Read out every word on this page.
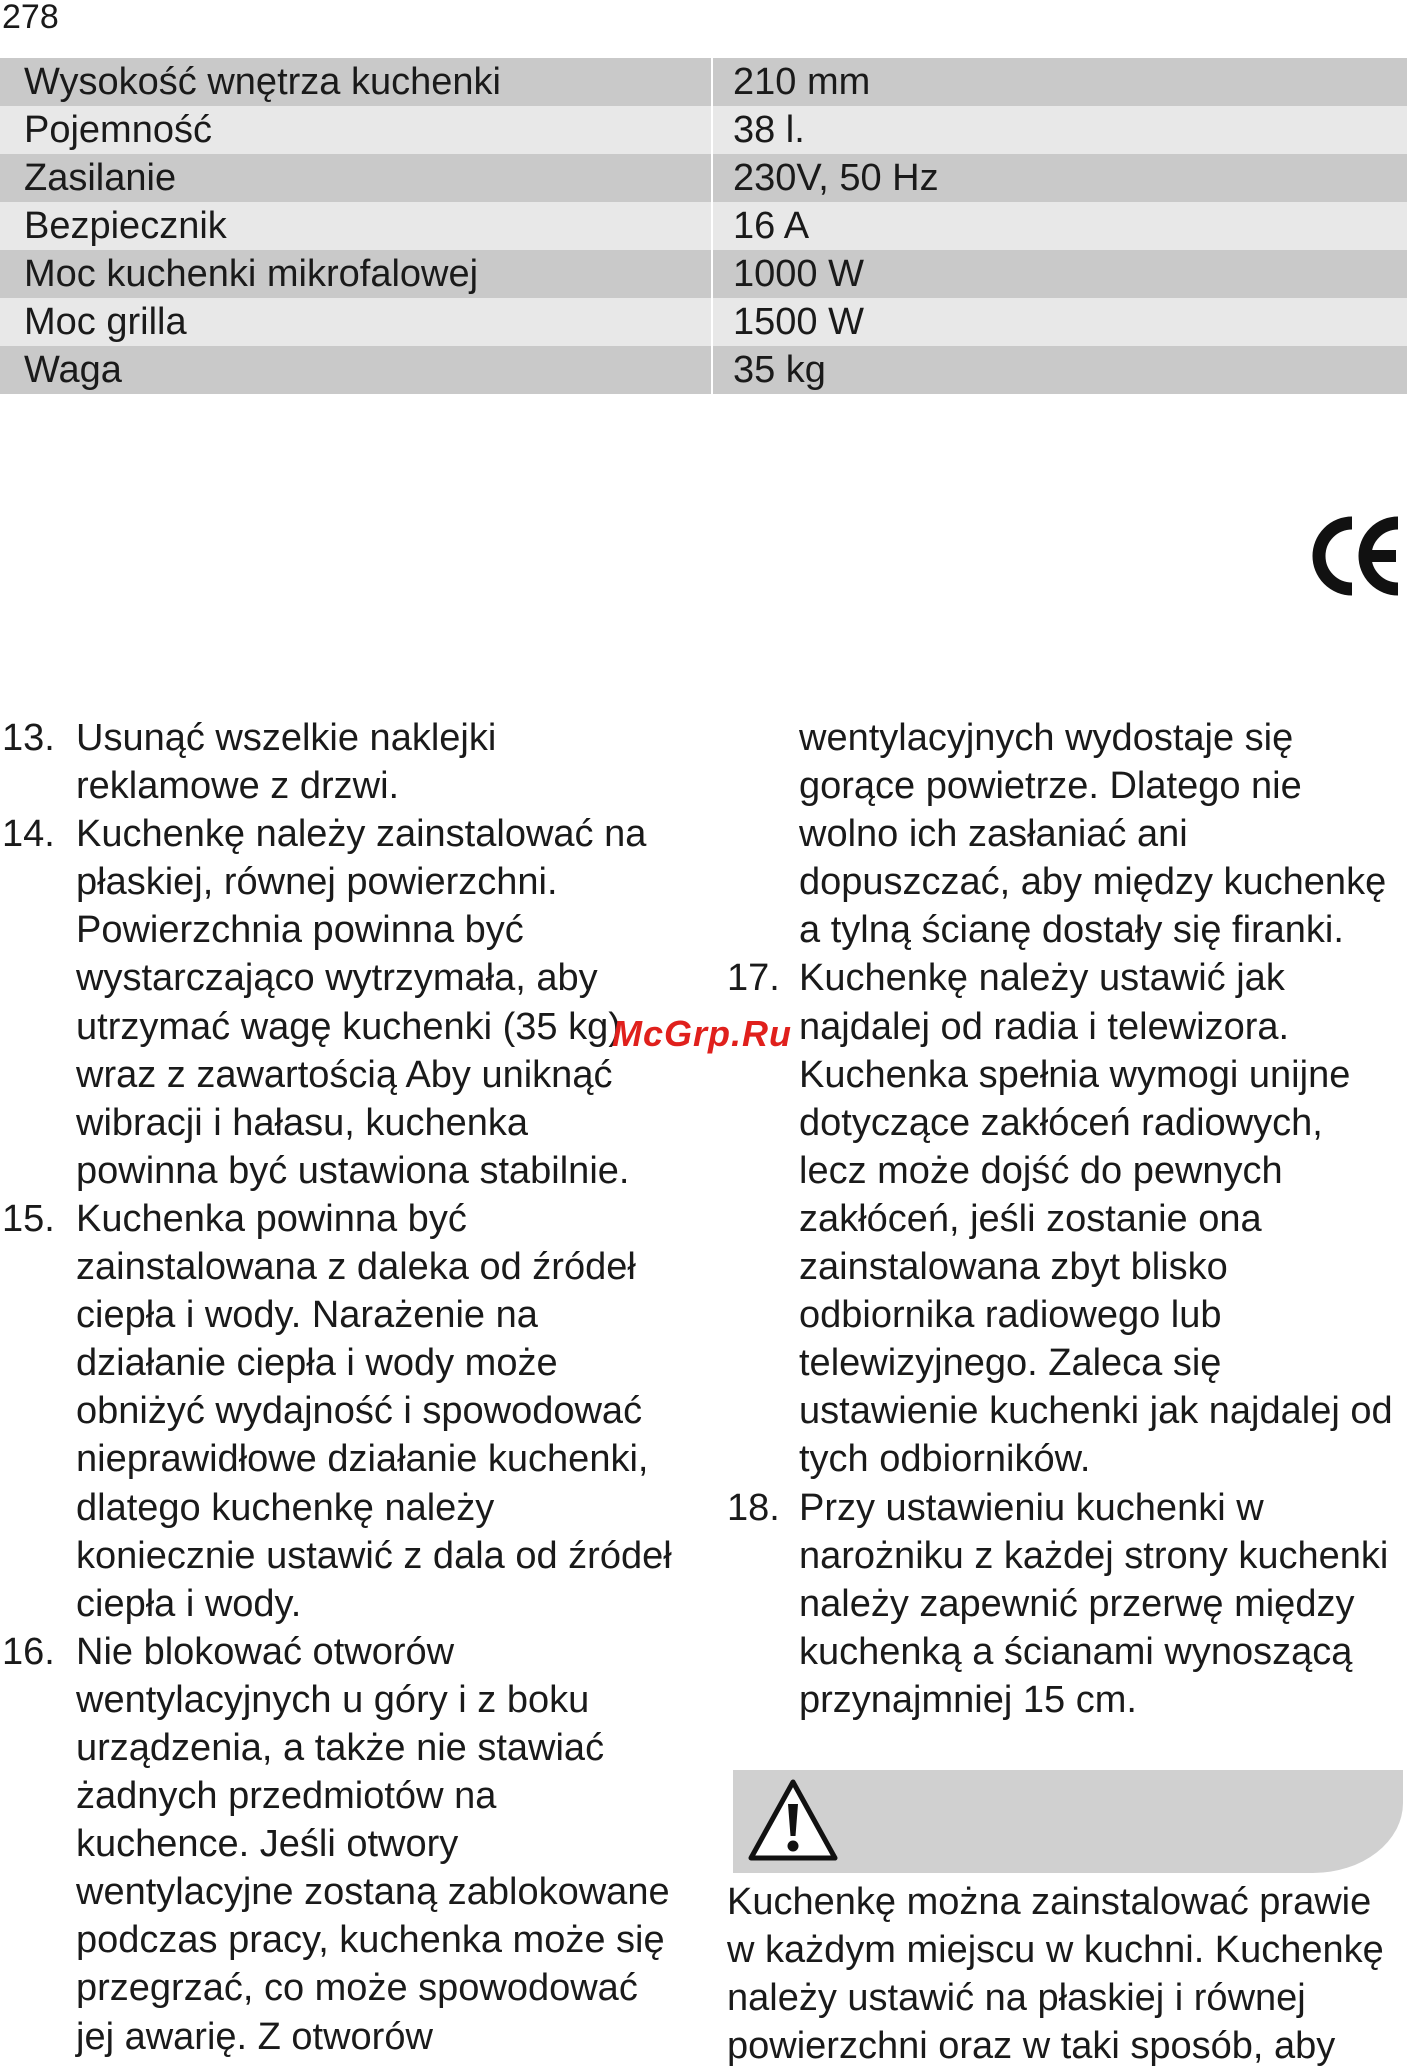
278
Wysokość wnętrza kuchenki	210 mm
Pojemność	38 l.
Zasilanie	230V, 50 Hz
Bezpiecznik	16 A
Moc kuchenki mikrofalowej	1000 W
Moc grilla	1500 W
Waga	35 kg
13. Usunąć wszelkie naklejki
reklamowe z drzwi.
14. Kuchenkę należy zainstalować na
płaskiej, równej powierzchni.
Powierzchnia powinna być
wystarczająco wytrzymała, aby
utrzymać wagę kuchenki (35 kg)
wraz z zawartością Aby uniknąć
wibracji i hałasu, kuchenka
powinna być ustawiona stabilnie.
15. Kuchenka powinna być
zainstalowana z daleka od źródeł
ciepła i wody. Narażenie na
działanie ciepła i wody może
obniżyć wydajność i spowodować
nieprawidłowe działanie kuchenki,
dlatego kuchenkę należy
koniecznie ustawić z dala od źródeł
ciepła i wody.
16. Nie blokować otworów
wentylacyjnych u góry i z boku
urządzenia, a także nie stawiać
żadnych przedmiotów na
kuchence. Jeśli otwory
wentylacyjne zostaną zablokowane
podczas pracy, kuchenka może się
przegrzać, co może spowodować
jej awarię. Z otworów
wentylacyjnych wydostaje się
gorące powietrze. Dlatego nie
wolno ich zasłaniać ani
dopuszczać, aby między kuchenkę
a tylną ścianę dostały się firanki.
17. Kuchenkę należy ustawić jak
najdalej od radia i telewizora.
Kuchenka spełnia wymogi unijne
dotyczące zakłóceń radiowych,
lecz może dojść do pewnych
zakłóceń, jeśli zostanie ona
zainstalowana zbyt blisko
odbiornika radiowego lub
telewizyjnego. Zaleca się
ustawienie kuchenki jak najdalej od
tych odbiorników.
18. Przy ustawieniu kuchenki w
narożniku z każdej strony kuchenki
należy zapewnić przerwę między
kuchenką a ścianami wynoszącą
przynajmniej 15 cm.
Kuchenkę można zainstalować prawie
w każdym miejscu w kuchni. Kuchenkę
należy ustawić na płaskiej i równej
powierzchni oraz w taki sposób, aby
McGrp.Ru
